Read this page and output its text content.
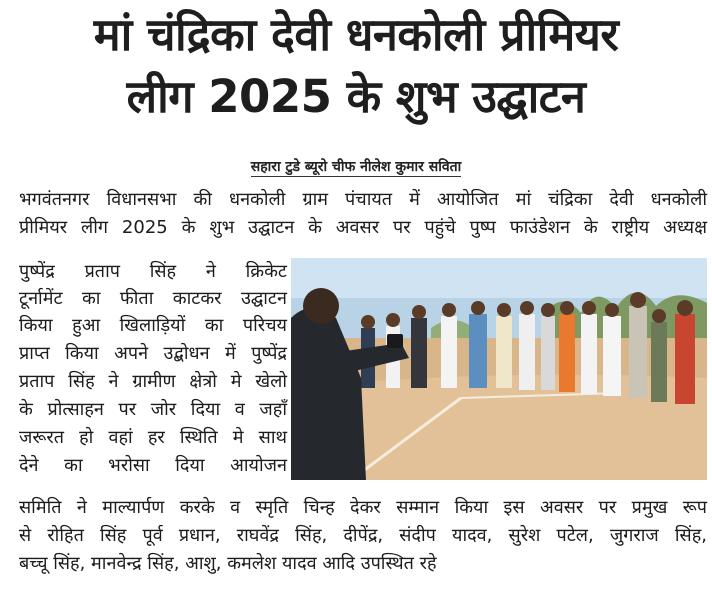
मां चंद्रिका देवी धनकोली प्रीमियर
लीग 2025 के शुभ उद्घाटन
सहारा टुडे ब्यूरो चीफ नीलेश कुमार सविता
भगवंतनगर विधानसभा की धनकोली ग्राम पंचायत में आयोजित मां चंद्रिका देवी धनकोली
प्रीमियर लीग 2025 के शुभ उद्घाटन के अवसर पर पहुंचे पुष्प फाउंडेशन के राष्ट्रीय अध्यक्ष
पुष्पेंद्र प्रताप सिंह ने क्रिकेट
टूर्नामेंट का फीता काटकर उद्घाटन
किया हुआ खिलाड़ियों का परिचय
प्राप्त किया अपने उद्बोधन में पुष्पेंद्र
प्रताप सिंह ने ग्रामीण क्षेत्रो मे खेलो
के प्रोत्साहन पर जोर दिया व जहाँ
जरूरत हो वहां हर स्थिति मे साथ
देने का भरोसा दिया आयोजन
समिति ने माल्यार्पण करके व स्मृति चिन्ह देकर सम्मान किया इस अवसर पर प्रमुख रूप
से रोहित सिंह पूर्व प्रधान, राघवेंद्र सिंह, दीपेंद्र, संदीप यादव, सुरेश पटेल, जुगराज सिंह,
बच्चू सिंह, मानवेन्द्र सिंह, आशु, कमलेश यादव आदि उपस्थित रहे
